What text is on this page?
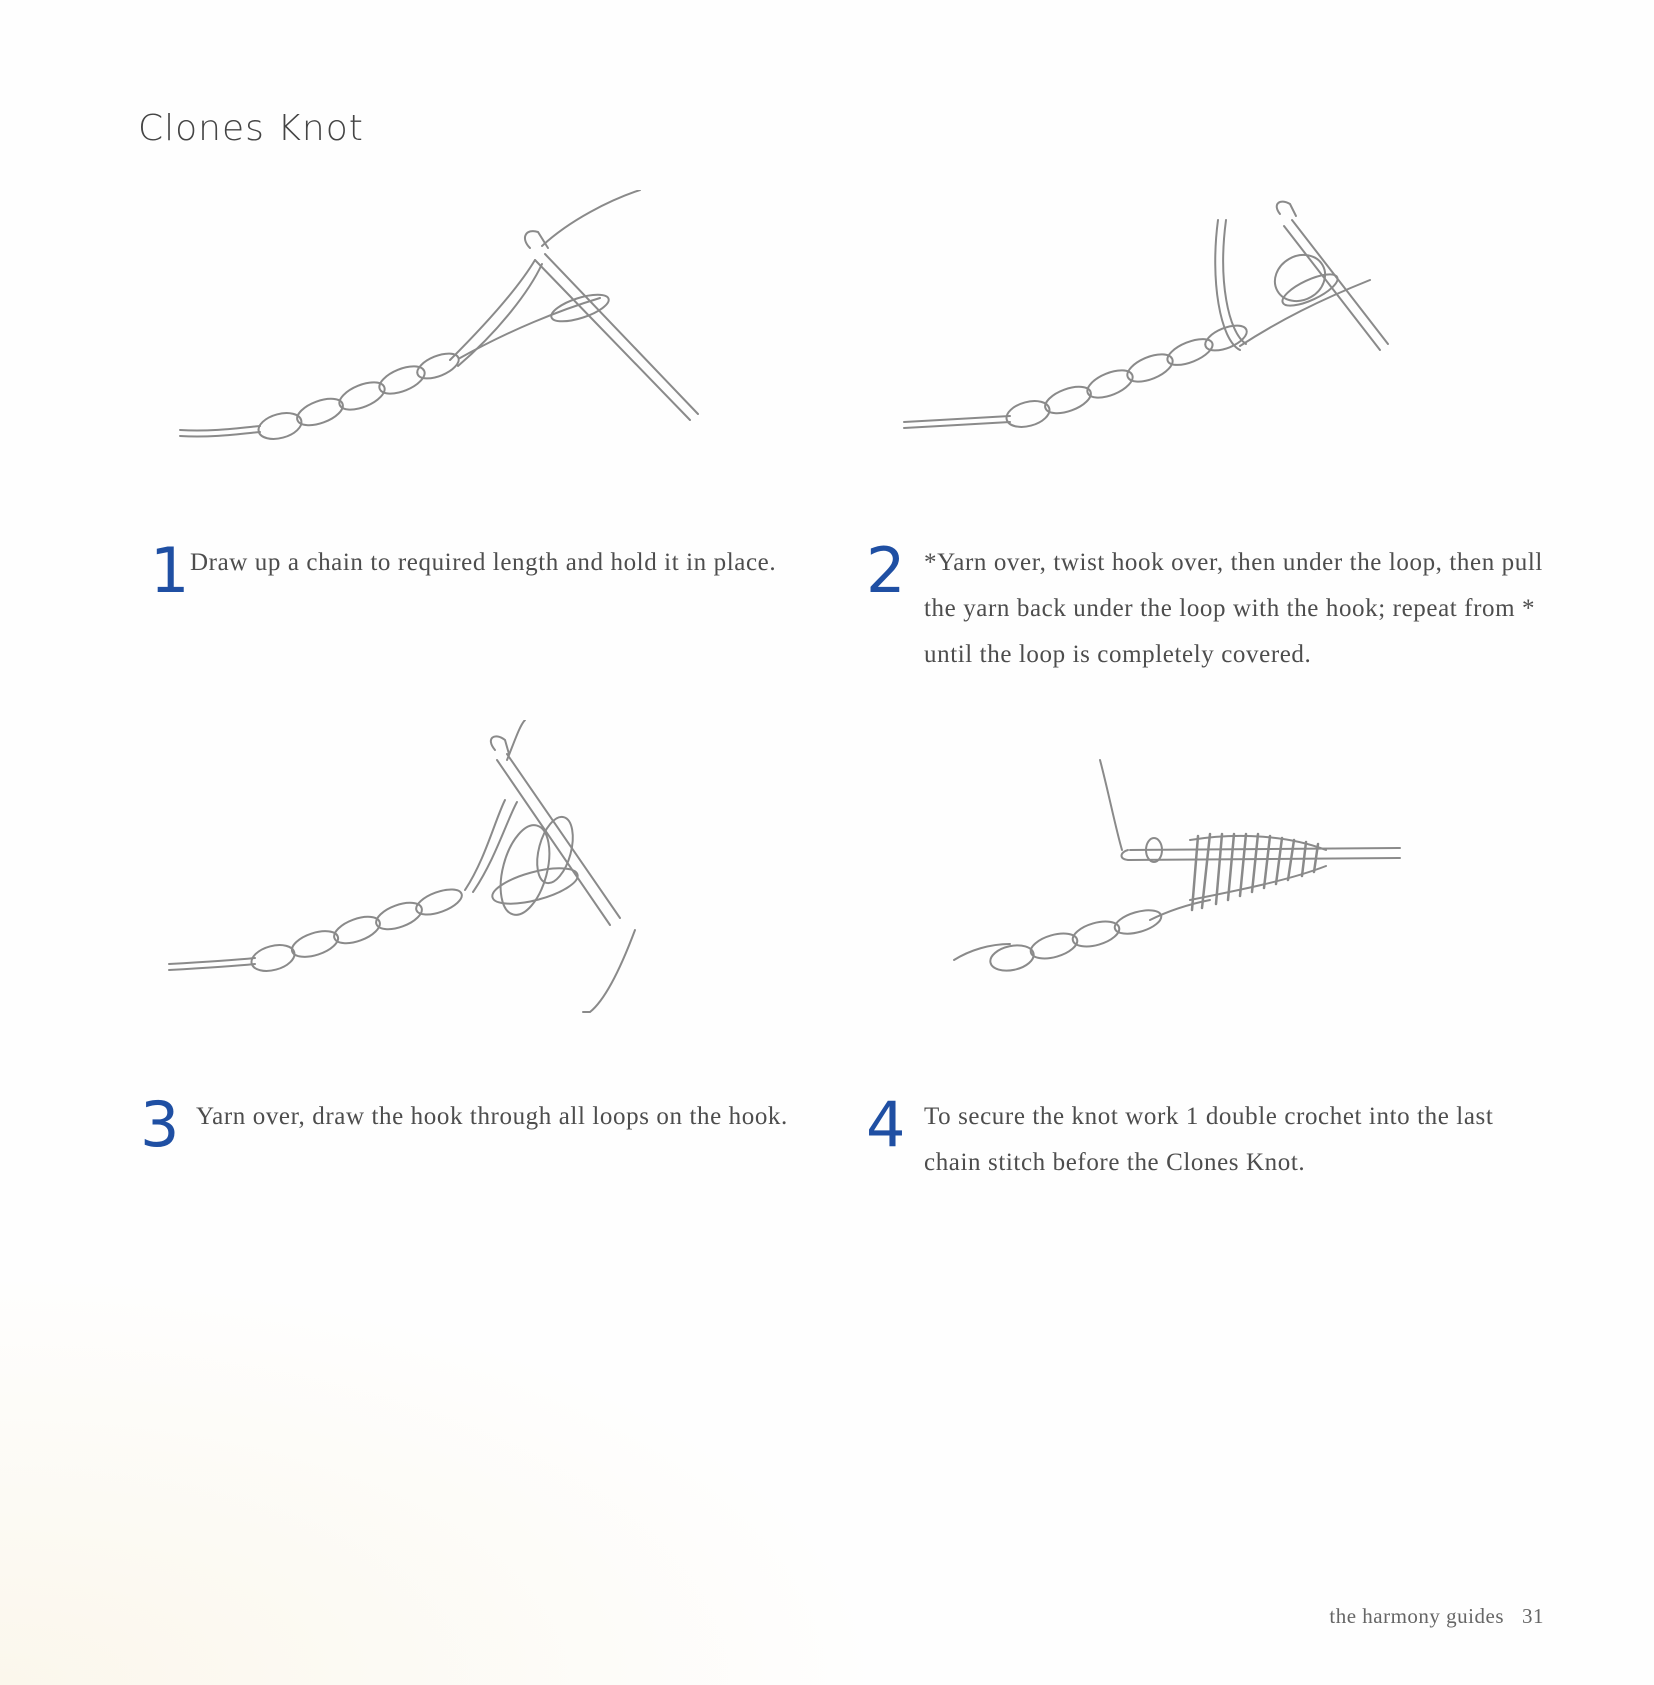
Clones Knot
1 Draw up a chain to required length and hold it in place.	2 *Yarn over, twist hook over, then under the loop, then pull the yarn back under the loop with the hook; repeat from * until the loop is completely covered.

3 Yarn over, draw the hook through all loops on the hook.	4 To secure the knot work 1 double crochet into the last chain stitch before the Clones Knot.

the harmony guides 31
